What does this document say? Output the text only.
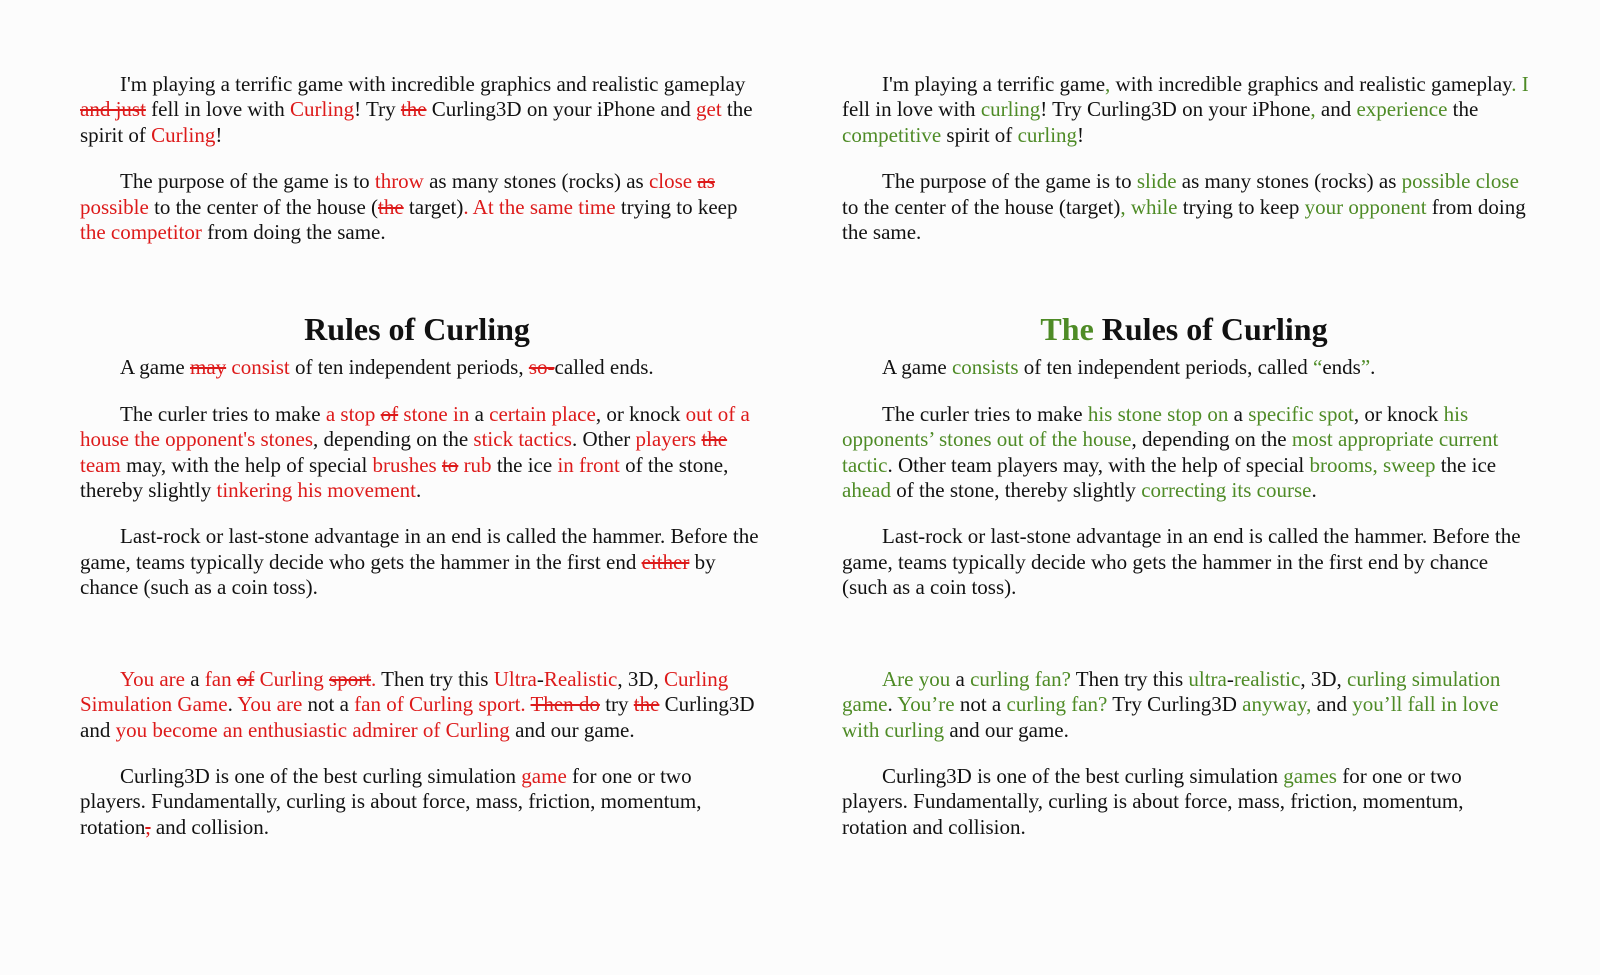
I'm playing a terrific game with incredible graphics and realistic gameplay and just fell in love with Curling! Try the Curling3D on your iPhone and get the spirit of Curling!

The purpose of the game is to throw as many stones (rocks) as close as possible to the center of the house (the target). At the same time trying to keep the competitor from doing the same.

Rules of Curling

A game may consist of ten independent periods, so-called ends.

The curler tries to make a stop of stone in a certain place, or knock out of a house the opponent's stones, depending on the stick tactics. Other players the team may, with the help of special brushes to rub the ice in front of the stone, thereby slightly tinkering his movement.

Last-rock or last-stone advantage in an end is called the hammer. Before the game, teams typically decide who gets the hammer in the first end either by chance (such as a coin toss).

You are a fan of Curling sport. Then try this Ultra-Realistic, 3D, Curling Simulation Game. You are not a fan of Curling sport. Then do try the Curling3D and you become an enthusiastic admirer of Curling and our game.

Curling3D is one of the best curling simulation game for one or two players. Fundamentally, curling is about force, mass, friction, momentum, rotation, and collision.

I'm playing a terrific game, with incredible graphics and realistic gameplay. I fell in love with curling! Try Curling3D on your iPhone, and experience the competitive spirit of curling!

The purpose of the game is to slide as many stones (rocks) as possible close to the center of the house (target), while trying to keep your opponent from doing the same.

The Rules of Curling

A game consists of ten independent periods, called “ends”.

The curler tries to make his stone stop on a specific spot, or knock his opponents’ stones out of the house, depending on the most appropriate current tactic. Other team players may, with the help of special brooms, sweep the ice ahead of the stone, thereby slightly correcting its course.

Last-rock or last-stone advantage in an end is called the hammer. Before the game, teams typically decide who gets the hammer in the first end by chance (such as a coin toss).

Are you a curling fan? Then try this ultra-realistic, 3D, curling simulation game. You’re not a curling fan? Try Curling3D anyway, and you’ll fall in love with curling and our game.

Curling3D is one of the best curling simulation games for one or two players. Fundamentally, curling is about force, mass, friction, momentum, rotation and collision.
